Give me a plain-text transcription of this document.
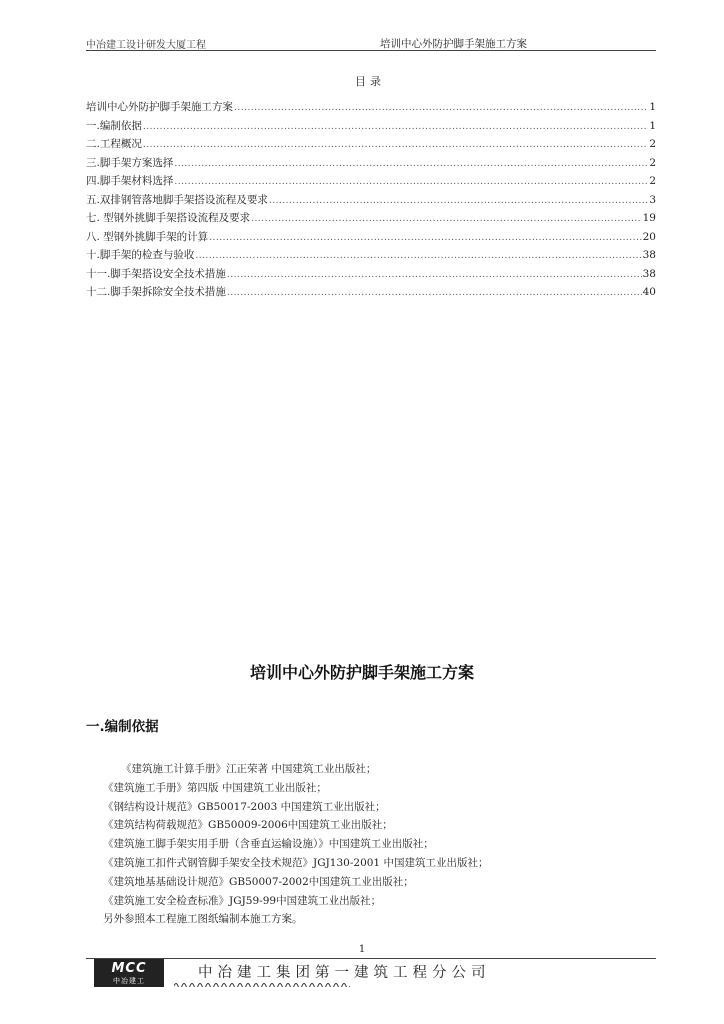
中冶建工设计研发大厦工程	培训中心外防护脚手架施工方案
目录
培训中心外防护脚手架施工方案 .....	1
一.编制依据 .....	1
二.工程概况 .....	2
三.脚手架方案选择 .....	2
四.脚手架材料选择 .....	2
五.双排钢管落地脚手架搭设流程及要求 .....	3
七. 型钢外挑脚手架搭设流程及要求 .....	19
八. 型钢外挑脚手架的计算 .....	20
十.脚手架的检查与验收 .....	38
十一.脚手架搭设安全技术措施 .....	38
十二.脚手架拆除安全技术措施 .....	40
培训中心外防护脚手架施工方案
一.编制依据
《建筑施工计算手册》江正荣著 中国建筑工业出版社；
《建筑施工手册》第四版 中国建筑工业出版社；
《钢结构设计规范》GB50017-2003 中国建筑工业出版社；
《建筑结构荷载规范》GB50009-2006中国建筑工业出版社；
《建筑施工脚手架实用手册（含垂直运输设施）》中国建筑工业出版社；
《建筑施工扣件式钢管脚手架安全技术规范》JGJ130-2001 中国建筑工业出版社；
《建筑地基基础设计规范》GB50007-2002中国建筑工业出版社；
《建筑施工安全检查标准》JGJ59-99中国建筑工业出版社；
另外参照本工程施工图纸编制本施工方案。
1
MCC
中冶建工	中冶建工集团第一建筑工程分公司
